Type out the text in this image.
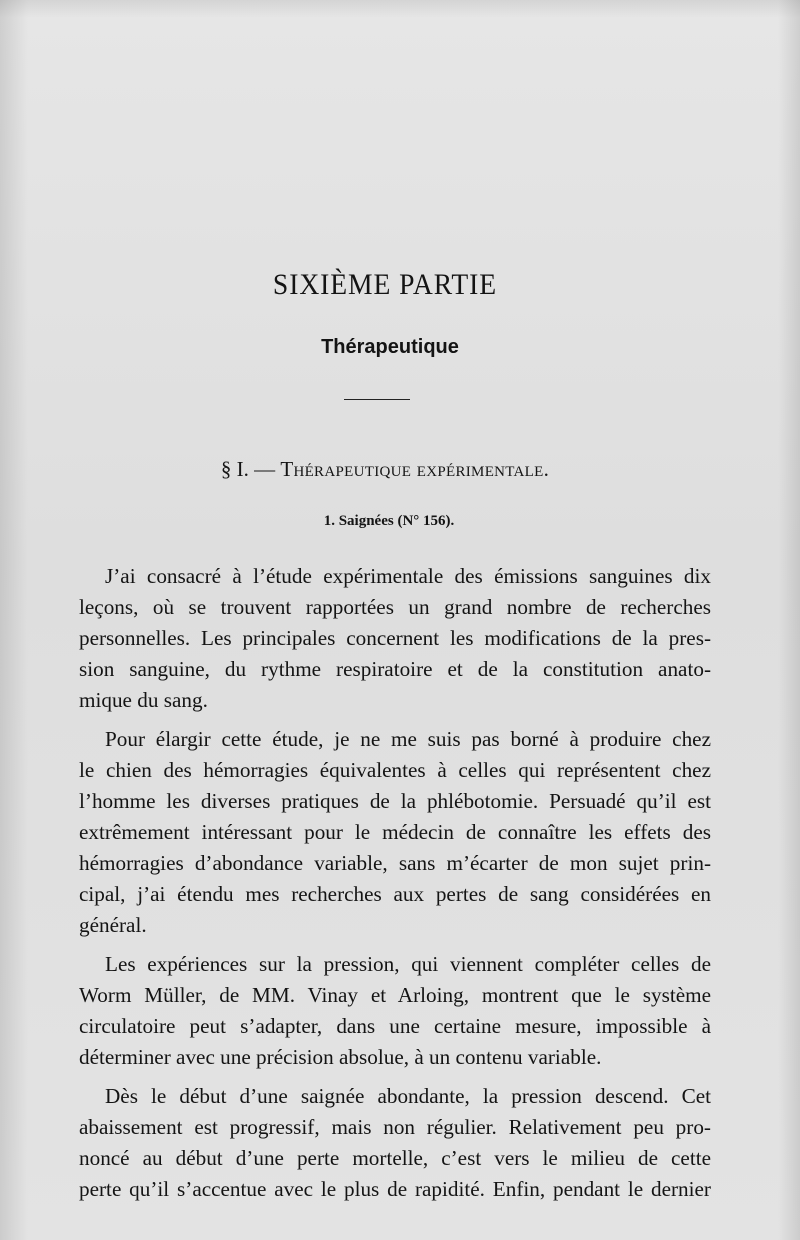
SIXIÈME PARTIE
Thérapeutique
§ I. — Thérapeutique expérimentale.
1. Saignées (N° 156).

J’ai consacré à l’étude expérimentale des émissions sanguines dix
leçons, où se trouvent rapportées un grand nombre de recherches
personnelles. Les principales concernent les modifications de la pres-
sion sanguine, du rythme respiratoire et de la constitution anato-
mique du sang.

Pour élargir cette étude, je ne me suis pas borné à produire chez
le chien des hémorragies équivalentes à celles qui représentent chez
l’homme les diverses pratiques de la phlébotomie. Persuadé qu’il est
extrêmement intéressant pour le médecin de connaître les effets des
hémorragies d’abondance variable, sans m’écarter de mon sujet prin-
cipal, j’ai étendu mes recherches aux pertes de sang considérées en
général.

Les expériences sur la pression, qui viennent compléter celles de
Worm Müller, de MM. Vinay et Arloing, montrent que le système
circulatoire peut s’adapter, dans une certaine mesure, impossible à
déterminer avec une précision absolue, à un contenu variable.

Dès le début d’une saignée abondante, la pression descend. Cet
abaissement est progressif, mais non régulier. Relativement peu pro-
noncé au début d’une perte mortelle, c’est vers le milieu de cette
perte qu’il s’accentue avec le plus de rapidité. Enfin, pendant le dernier
